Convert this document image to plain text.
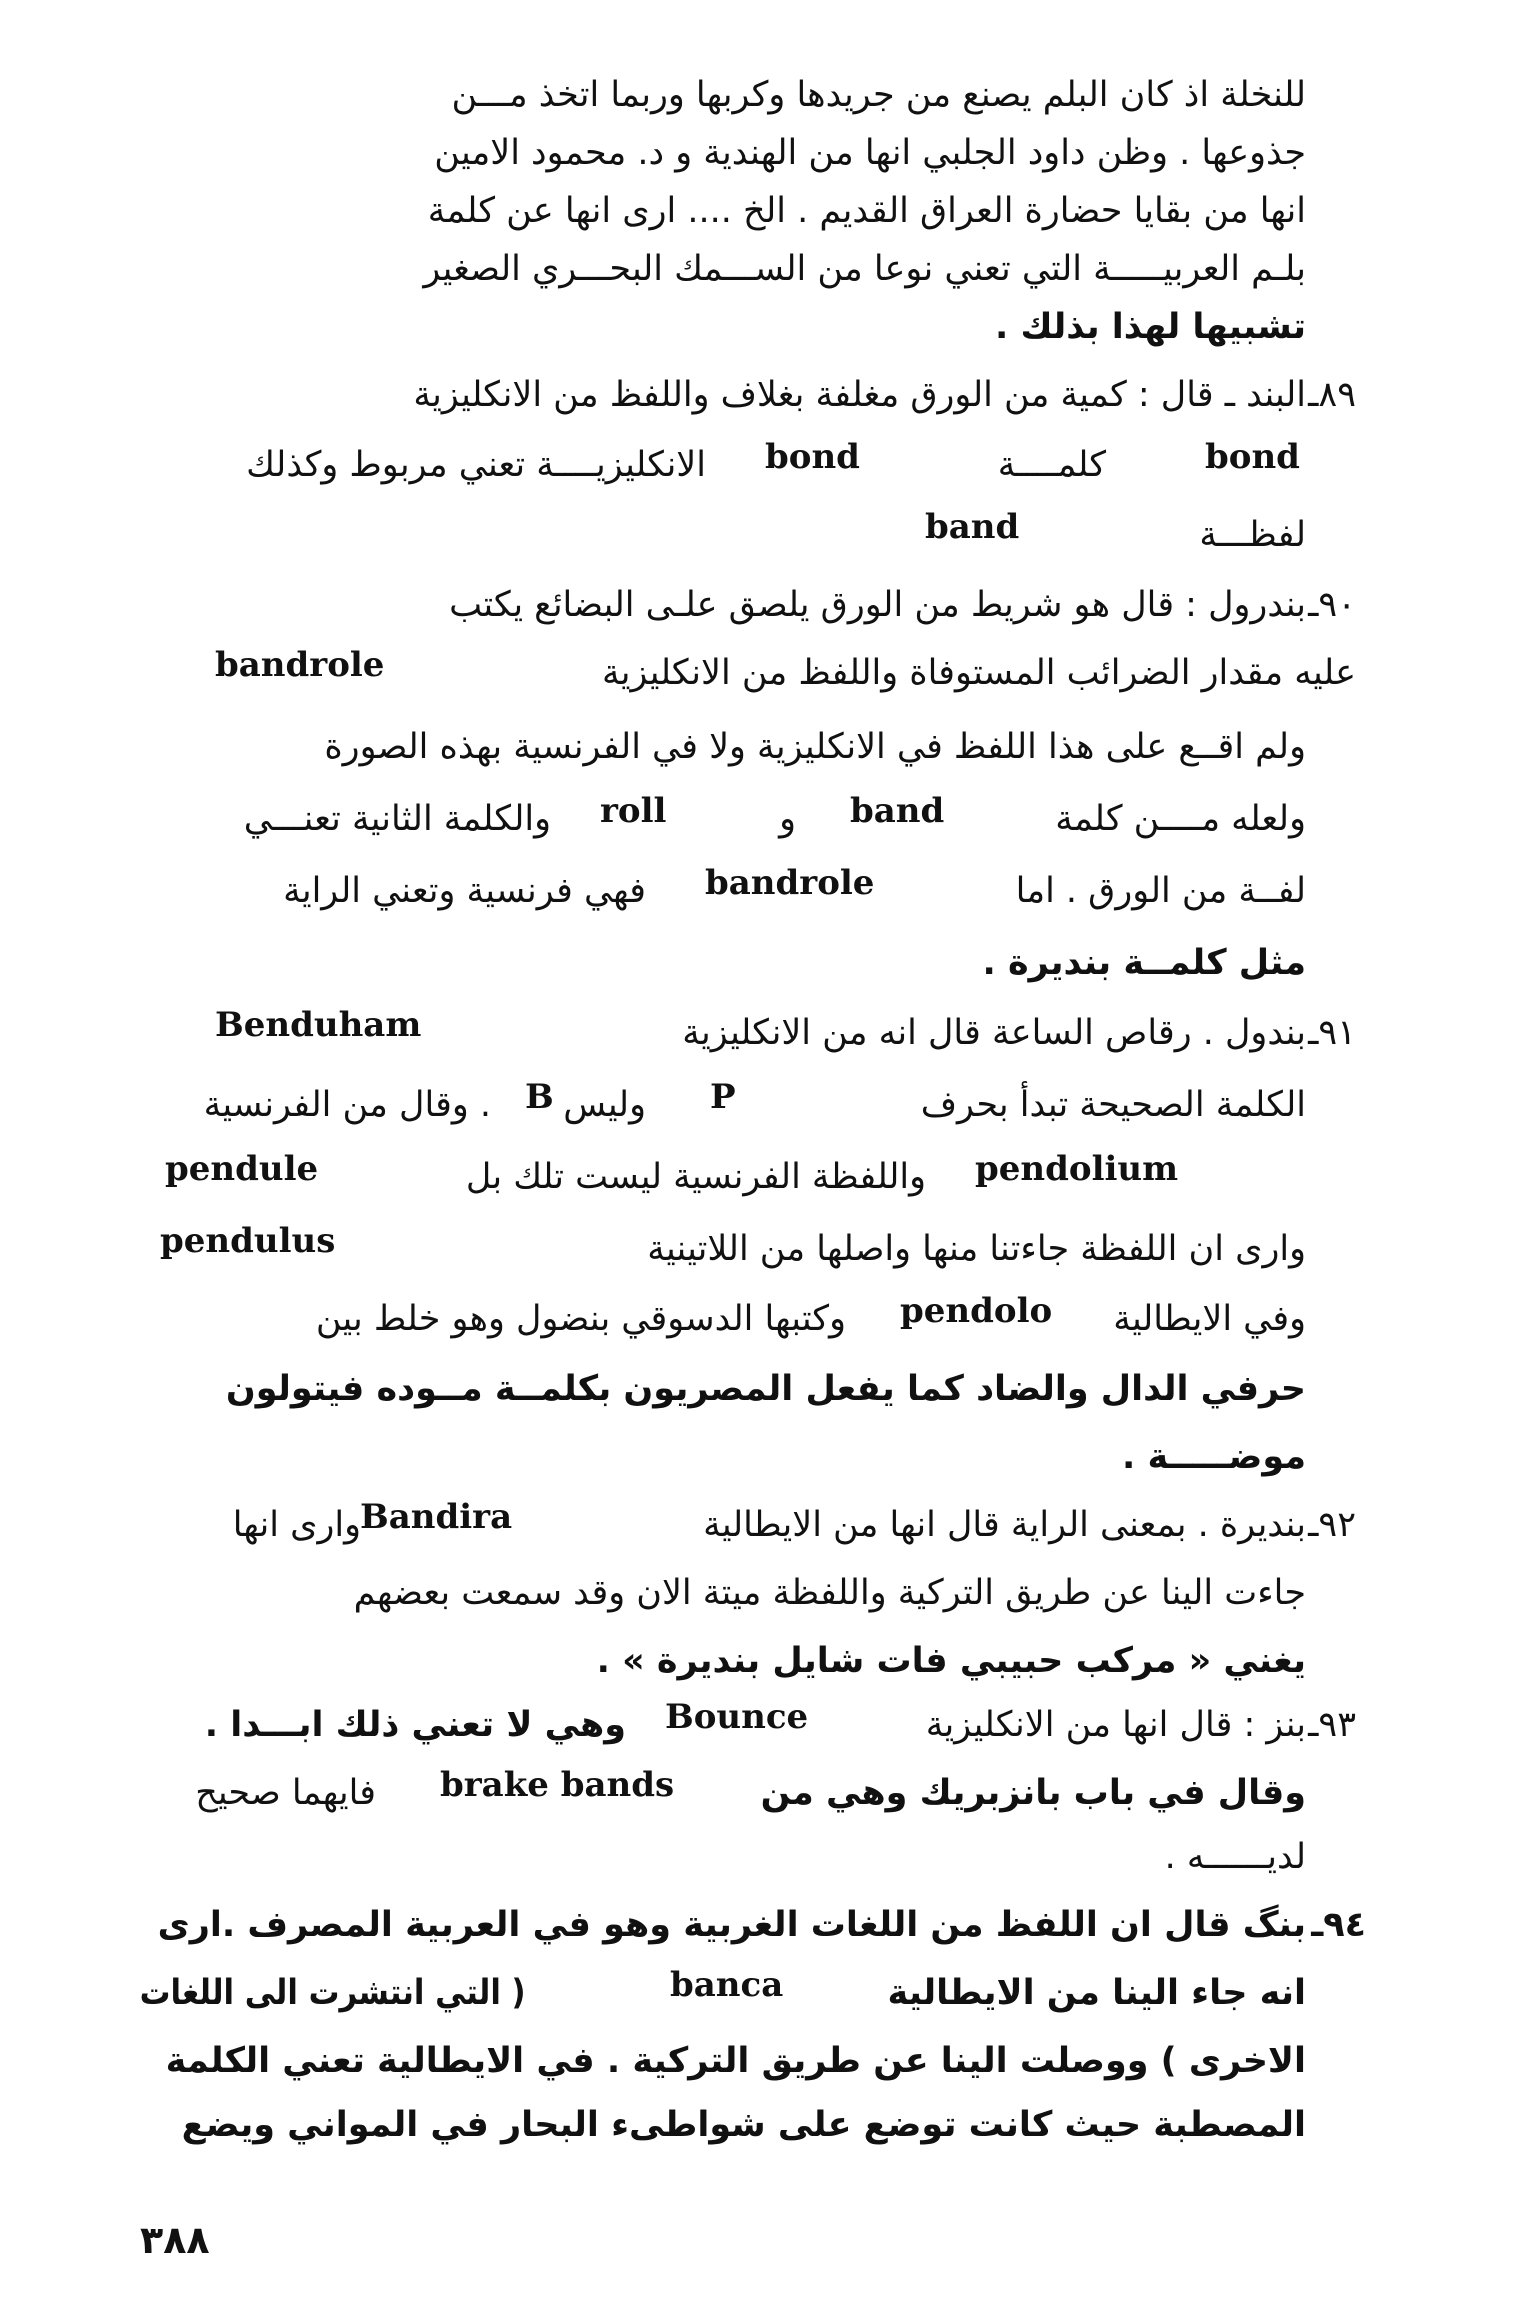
للنخلة اذ كان البلم يصنع من جريدها وكربها وربما اتخذ مـــن
جذوعها . وظن داود الجلبي انها من الهندية و د. محمود الامين
انها من بقايا حضارة العراق القديم . الخ .... ارى انها عن كلمة
بلـم العربيـــــة التي تعني نوعا من الســـمك البحـــري الصغير
تشبيها لهذا بذلك .
٨٩ـ
البند ـ قال : كمية من الورق مغلفة بغلاف واللفظ من الانكليزية
bond
كلمــــة
bond
الانكليزيــــة تعني مربوط وكذلك
لفظـــة
band
٩٠ـ
بندرول : قال هو شريط من الورق يلصق علـى البضائع يكتب
عليه مقدار الضرائب المستوفاة واللفظ من الانكليزية
bandrole
ولم اقــع على هذا اللفظ في الانكليزية ولا في الفرنسية بهذه الصورة
ولعله مــــن كلمة
band
و
roll
والكلمة الثانية تعنـــي
لفــة من الورق . اما
bandrole
فهي فرنسية وتعني الراية
مثل كلمــة بنديرة .
٩١ـ
بندول . رقاص الساعة قال انه من الانكليزية
Benduham
الكلمة الصحيحة تبدأ بحرف
P
وليس
B
. وقال من الفرنسية
pendolium
واللفظة الفرنسية ليست تلك بل
pendule
وارى ان اللفظة جاءتنا منها واصلها من اللاتينية
pendulus
وفي الايطالية
pendolo
وكتبها الدسوقي بنضول وهو خلط بين
حرفي الدال والضاد كما يفعل المصريون بكلمــة مــوده فيتولون
موضـــــة .
٩٢ـ
بنديرة . بمعنى الراية قال انها من الايطالية
Bandira
وارى انها
جاءت الينا عن طريق التركية واللفظة ميتة الان وقد سمعت بعضهم
يغني « مركب حبيبي فات شايل بنديرة » .
٩٣ـ
بنز : قال انها من الانكليزية
Bounce
وهي لا تعني ذلك ابـــدا .
وقال في باب بانزبريك وهي من
brake bands
فايهما صحيح
لديــــــه .
٩٤ـ
بنگ قال ان اللفظ من اللغات الغربية وهو في العربية المصرف .ارى
انه جاء الينا من الايطالية
banca
( التي انتشرت الى اللغات
الاخرى ) ووصلت الينا عن طريق التركية . في الايطالية تعني الكلمة
المصطبة حيث كانت توضع على شواطىء البحار في المواني ويضع
٣٨٨
